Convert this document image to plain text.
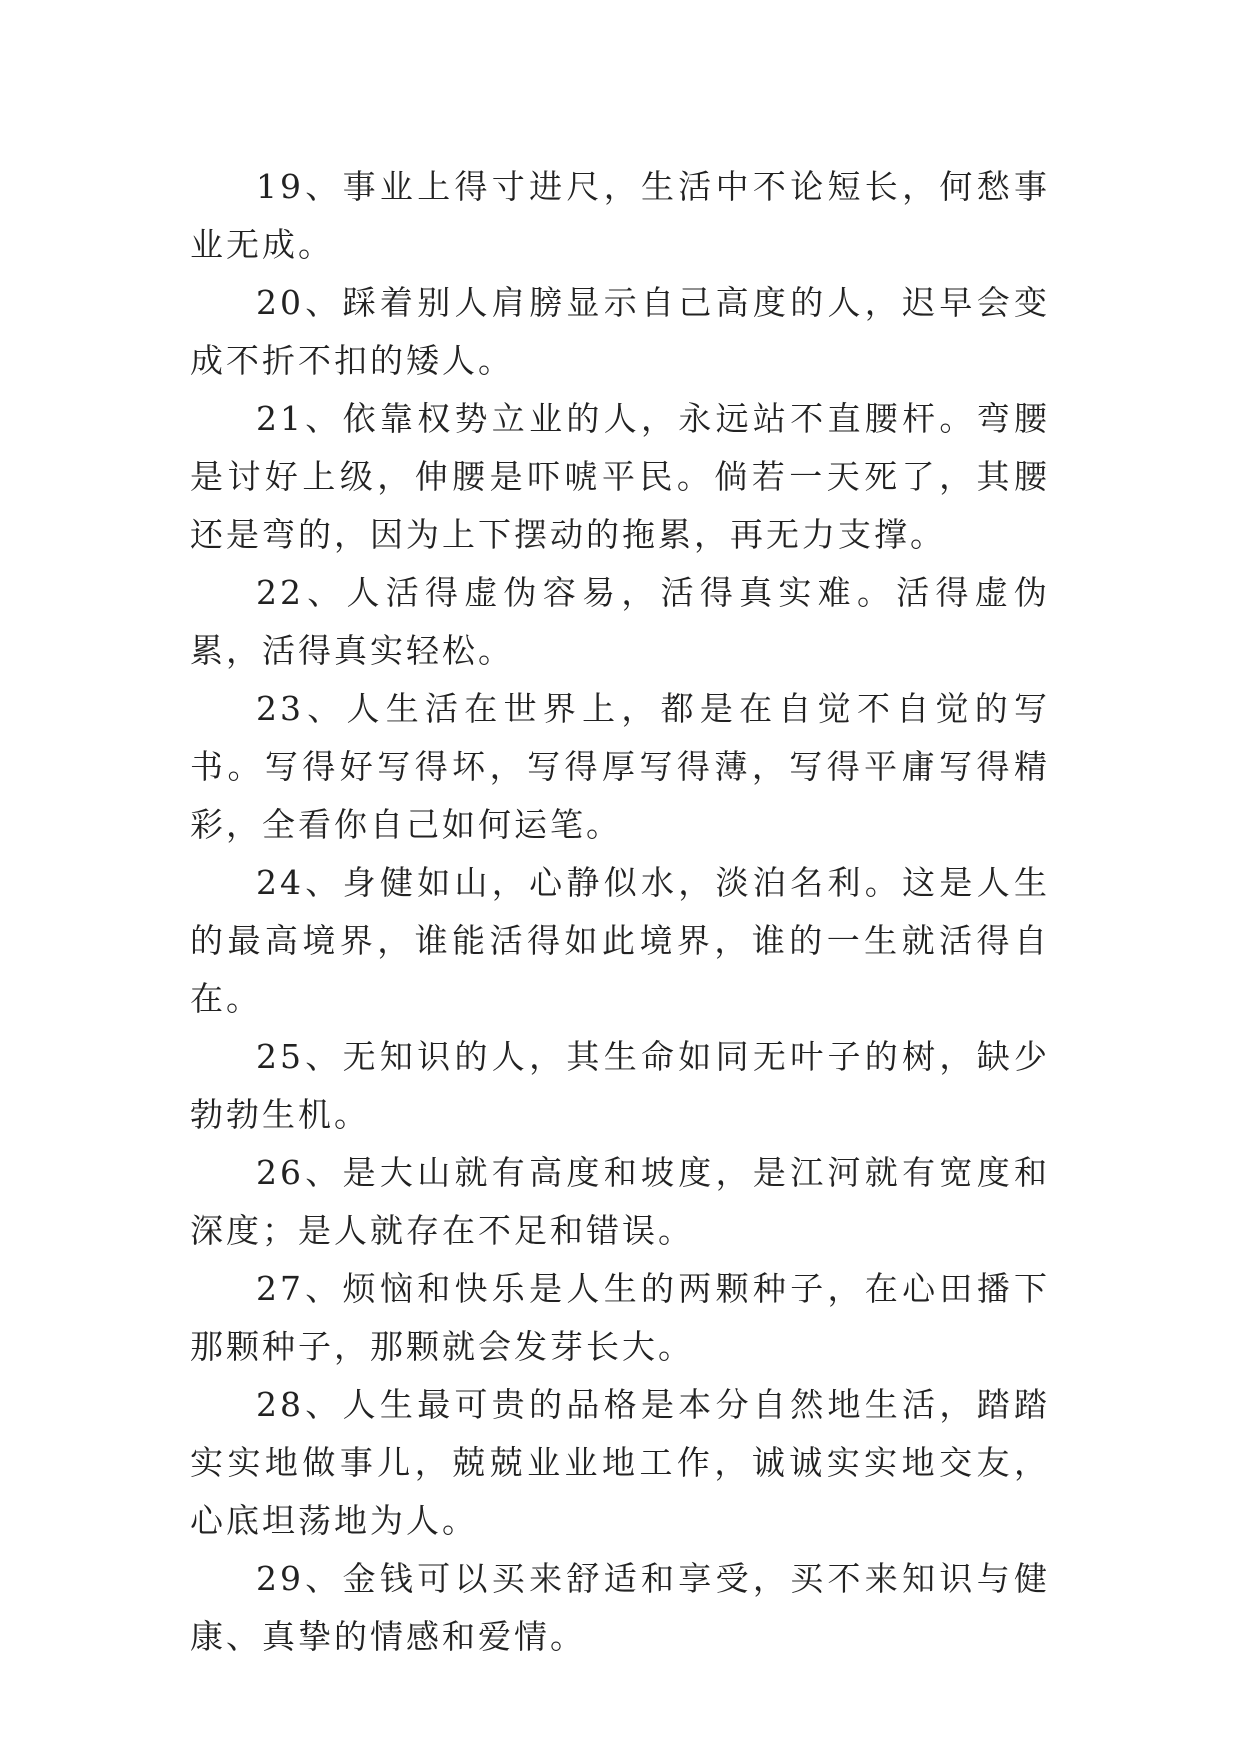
19、事业上得寸进尺，生活中不论短长，何愁事业无成。

20、踩着别人肩膀显示自己高度的人，迟早会变成不折不扣的矮人。

21、依靠权势立业的人，永远站不直腰杆。弯腰是讨好上级，伸腰是吓唬平民。倘若一天死了，其腰还是弯的，因为上下摆动的拖累，再无力支撑。

22、人活得虚伪容易，活得真实难。活得虚伪累，活得真实轻松。

23、人生活在世界上，都是在自觉不自觉的写书。写得好写得坏，写得厚写得薄，写得平庸写得精彩，全看你自己如何运笔。

24、身健如山，心静似水，淡泊名利。这是人生的最高境界，谁能活得如此境界，谁的一生就活得自在。

25、无知识的人，其生命如同无叶子的树，缺少勃勃生机。

26、是大山就有高度和坡度，是江河就有宽度和深度；是人就存在不足和错误。

27、烦恼和快乐是人生的两颗种子，在心田播下那颗种子，那颗就会发芽长大。

28、人生最可贵的品格是本分自然地生活，踏踏实实地做事儿，兢兢业业地工作，诚诚实实地交友，心底坦荡地为人。

29、金钱可以买来舒适和享受，买不来知识与健康、真挚的情感和爱情。
